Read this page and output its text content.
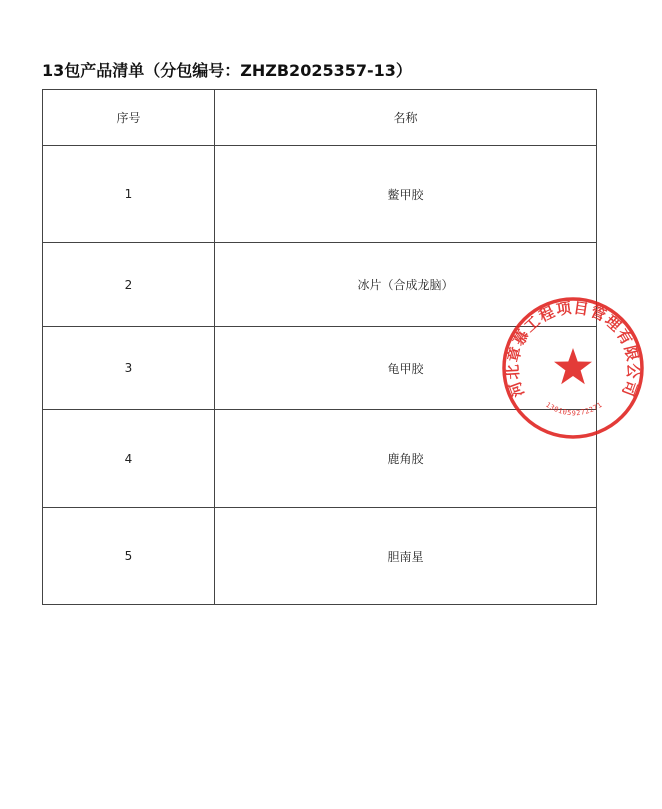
13包产品清单（分包编号：ZHZB2025357-13）
序号	名称
1	鳖甲胶
2	冰片（合成龙脑）
3	龟甲胶
4	鹿角胶
5	胆南星
河北章慕工程项目管理有限公司
1301059272271
